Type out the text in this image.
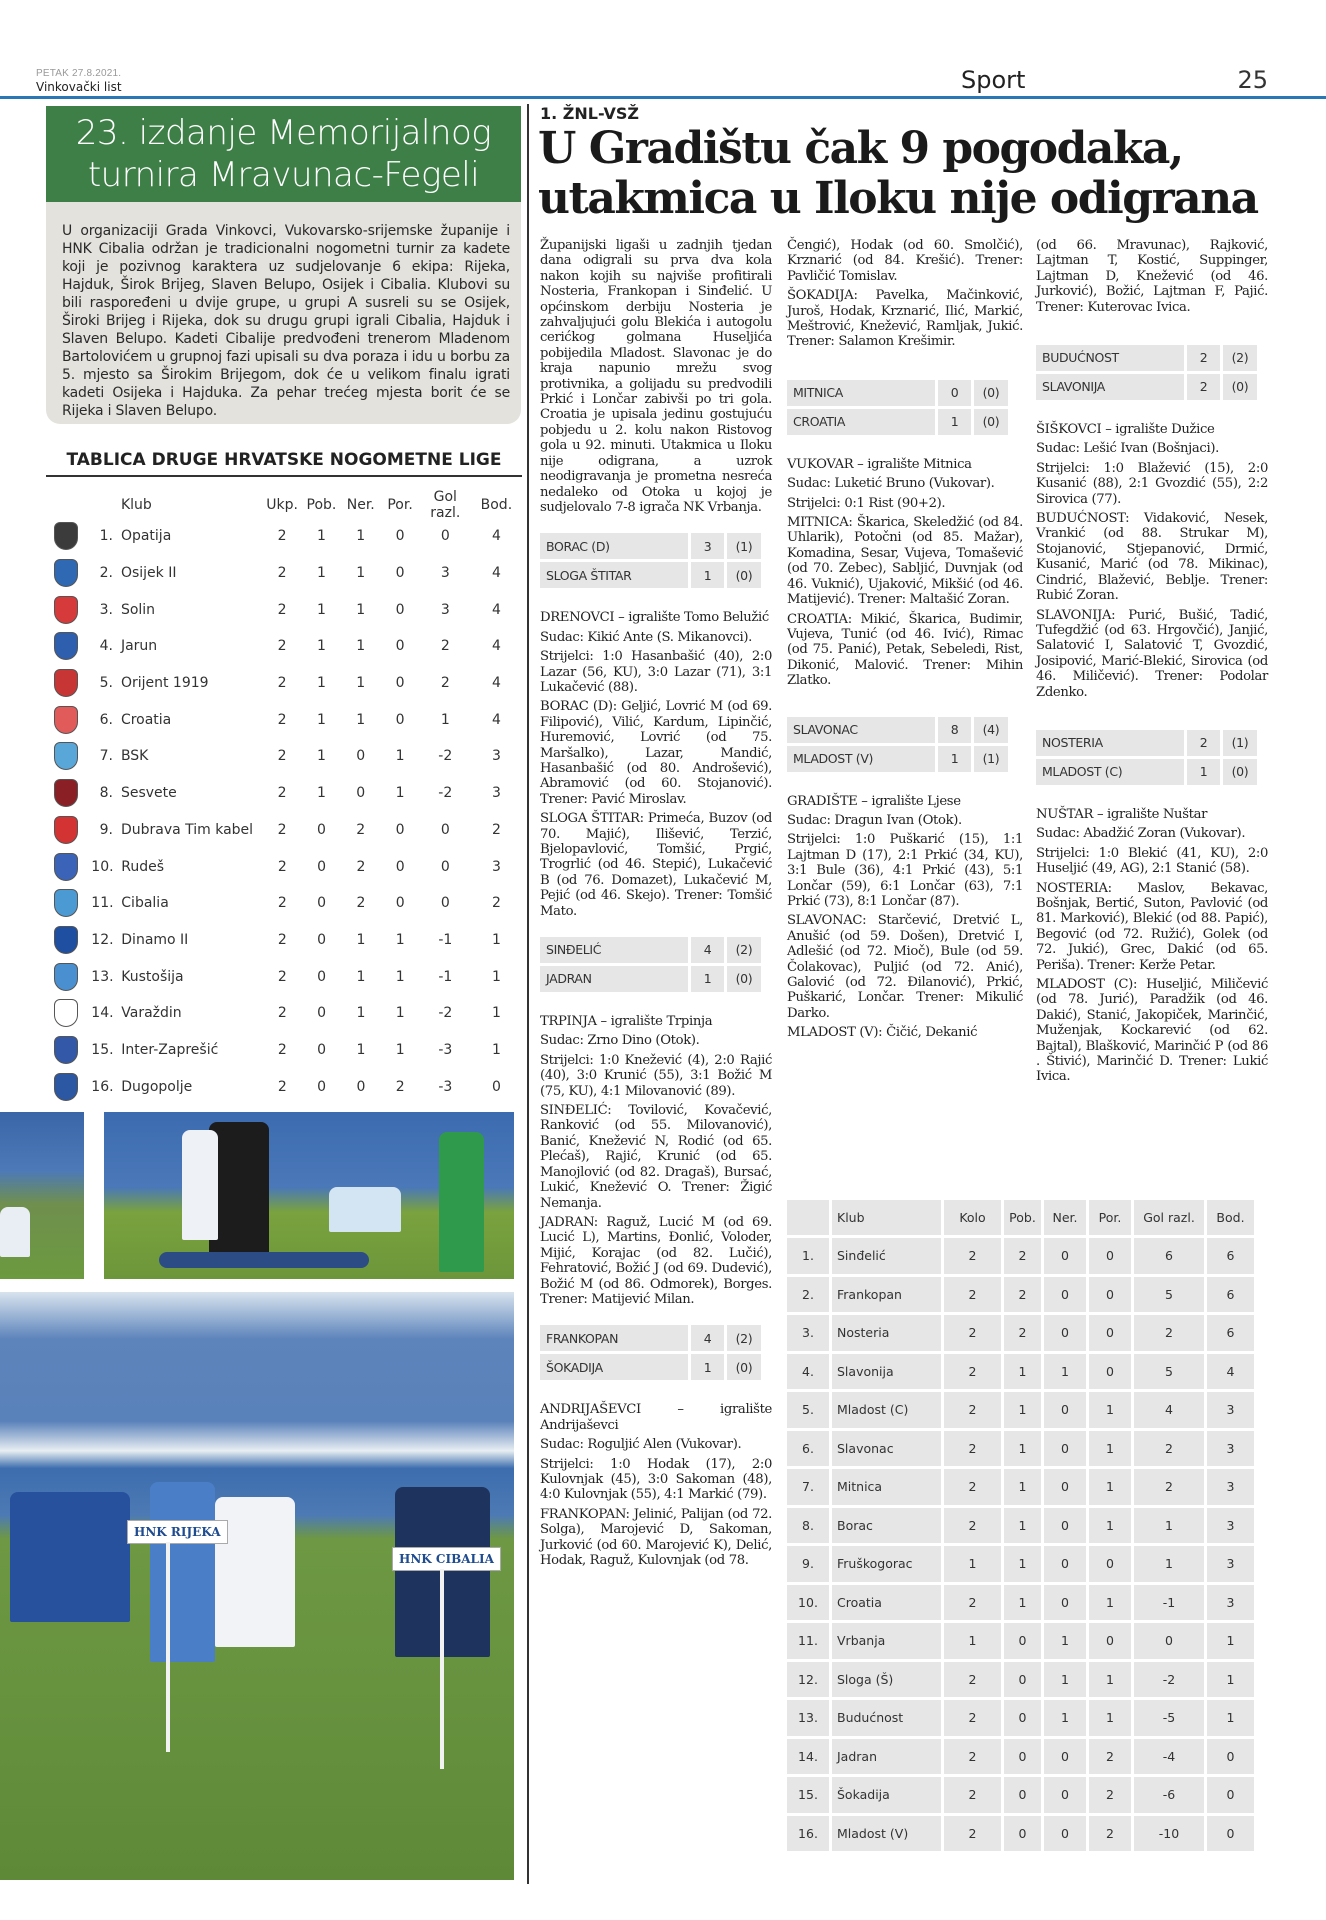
PETAK 27.8.2021.
Vinkovački list	Sport	25
23. izdanje Memorijalnog
turnira Mravunac-Fegeli
U organizaciji Grada Vinkovci, Vukovarsko-srijemske županije i HNK Cibalia održan je tradicionalni nogometni turnir za kadete koji je pozivnog karaktera uz sudjelovanje 6 ekipa: Rijeka, Hajduk, Širok Brijeg, Slaven Belupo, Osijek i Cibalia. Klubovi su bili raspoređeni u dvije grupe, u grupi A susreli su se Osijek, Široki Brijeg i Rijeka, dok su drugu grupi igrali Cibalia, Hajduk i Slaven Belupo. Kadeti Cibalije predvođeni trenerom Mladenom Bartolovićem u grupnoj fazi upisali su dva poraza i idu u borbu za 5. mjesto sa Širokim Brijegom, dok će u velikom finalu igrati kadeti Osijeka i Hajduka. Za pehar trećeg mjesta borit će se Rijeka i Slaven Belupo.
TABLICA DRUGE HRVATSKE NOGOMETNE LIGE
Klub	Ukp. Pob. Ner. Por.	Gol razl.	Bod.
1. Opatija	2	1	1	0	0	4
2. Osijek II	2	1	1	0	3	4
3. Solin	2	1	1	0	3	4
4. Jarun	2	1	1	0	2	4
5. Orijent 1919	2	1	1	0	2	4
6. Croatia	2	1	1	0	1	4
7. BSK	2	1	0	1	-2	3
8. Sesvete	2	1	0	1	-2	3
9. Dubrava Tim kabel	2	0	2	0	0	2
10. Rudeš	2	0	2	0	0	3
11. Cibalia	2	0	2	0	0	2
12. Dinamo II	2	0	1	1	-1	1
13. Kustošija	2	0	1	1	-1	1
14. Varaždin	2	0	1	1	-2	1
15. Inter-Zaprešić	2	0	1	1	-3	1
16. Dugopolje	2	0	0	2	-3	0
HNK RIJEKA
HNK CIBALIA
1. ŽNL-VSŽ
U Gradištu čak 9 pogodaka,
utakmica u Iloku nije odigrana

Županijski ligaši u zadnjih tjedan dana odigrali su prva dva kola nakon kojih su najviše profitirali Nosteria, Frankopan i Sinđelić. U općinskom derbiju Nosteria je zahvaljujući golu Blekića i autogolu cerićkog golmana Huseljića pobijedila Mladost. Slavonac je do kraja napunio mrežu svog protivnika, a golijadu su predvodili Prkić i Lončar zabivši po tri gola. Croatia je upisala jedinu gostujuću pobjedu u 2. kolu nakon Ristovog gola u 92. minuti. Utakmica u Iloku nije odigrana, a uzrok neodigravanja je prometna nesreća nedaleko od Otoka u kojoj je sudjelovalo 7-8 igrača NK Vrbanja.

BORAC (D)	3	(1)
SLOGA ŠTITAR	1	(0)

DRENOVCI – igralište Tomo Belužić

Sudac: Kikić Ante (S. Mikanovci).

Strijelci: 1:0 Hasanbašić (40), 2:0 Lazar (56, KU), 3:0 Lazar (71), 3:1 Lukačević (88).

BORAC (D): Geljić, Lovrić M (od 69. Filipović), Vilić, Kardum, Lipinčić, Huremović, Lovrić (od 75. Maršalko), Lazar, Mandić, Hasanbašić (od 80. Androšević), Abramović (od 60. Stojanović). Trener: Pavić Miroslav.

SLOGA ŠTITAR: Primeća, Buzov (od 70. Majić), Ilišević, Terzić, Bjelopavlović, Tomšić, Prgić, Trogrlić (od 46. Stepić), Lukačević B (od 76. Domazet), Lukačević M, Pejić (od 46. Skejo). Trener: Tomšić Mato.

SINĐELIĆ	4	(2)
JADRAN	1	(0)

TRPINJA – igralište Trpinja

Sudac: Zrno Dino (Otok).

Strijelci: 1:0 Knežević (4), 2:0 Rajić (40), 3:0 Krunić (55), 3:1 Božić M (75, KU), 4:1 Milovanović (89).

SINĐELIĆ: Tovilović, Kovačević, Ranković (od 55. Milovanović), Banić, Knežević N, Rodić (od 65. Plećaš), Rajić, Krunić (od 65. Manojlović (od 82. Dragaš), Bursać, Lukić, Knežević O. Trener: Žigić Nemanja.

JADRAN: Raguž, Lucić M (od 69. Lucić L), Martins, Đonlić, Voloder, Mijić, Korajac (od 82. Lučić), Fehratović, Božić J (od 69. Dudević), Božić M (od 86. Odmorek), Borges. Trener: Matijević Milan.

FRANKOPAN	4	(2)
ŠOKADIJA	1	(0)

ANDRIJAŠEVCI – igralište Andrijaševci

Sudac: Roguljić Alen (Vukovar).

Strijelci: 1:0 Hodak (17), 2:0 Kulovnjak (45), 3:0 Sakoman (48), 4:0 Kulovnjak (55), 4:1 Markić (79).

FRANKOPAN: Jelinić, Palijan (od 72. Solga), Marojević D, Sakoman, Jurković (od 60. Marojević K), Delić, Hodak, Raguž, Kulovnjak (od 78.

Čengić), Hodak (od 60. Smolčić), Krznarić (od 84. Krešić). Trener: Pavličić Tomislav.

ŠOKADIJA: Pavelka, Mačinković, Juroš, Hodak, Krznarić, Ilić, Markić, Meštrović, Knežević, Ramljak, Jukić. Trener: Salamon Krešimir.

MITNICA	0	(0)
CROATIA	1	(0)

VUKOVAR – igralište Mitnica

Sudac: Luketić Bruno (Vukovar).

Strijelci: 0:1 Rist (90+2).

MITNICA: Škarica, Skeledžić (od 84. Uhlarik), Potočni (od 85. Mažar), Komadina, Sesar, Vujeva, Tomašević (od 70. Zebec), Sabljić, Duvnjak (od 46. Vuknić), Ujaković, Mikšić (od 46. Matijević). Trener: Maltašić Zoran.

CROATIA: Mikić, Škarica, Budimir, Vujeva, Tunić (od 46. Ivić), Rimac (od 75. Panić), Petak, Sebeledi, Rist, Dikonić, Malović. Trener: Mihin Zlatko.

SLAVONAC	8	(4)
MLADOST (V)	1	(1)

GRADIŠTE – igralište Ljese

Sudac: Dragun Ivan (Otok).

Strijelci: 1:0 Puškarić (15), 1:1 Lajtman D (17), 2:1 Prkić (34, KU), 3:1 Bule (36), 4:1 Prkić (43), 5:1 Lončar (59), 6:1 Lončar (63), 7:1 Prkić (73), 8:1 Lončar (87).

SLAVONAC: Starčević, Dretvić L, Anušić (od 59. Došen), Dretvić I, Adlešić (od 72. Mioč), Bule (od 59. Čolakovac), Puljić (od 72. Anić), Galović (od 72. Đilanović), Prkić, Puškarić, Lončar. Trener: Mikulić Darko.

MLADOST (V): Čičić, Dekanić

(od 66. Mravunac), Rajković, Lajtman T, Kostić, Suppinger, Lajtman D, Knežević (od 46. Jurković), Božić, Lajtman F, Pajić. Trener: Kuterovac Ivica.

BUDUĆNOST	2	(2)
SLAVONIJA	2	(0)

ŠIŠKOVCI – igralište Dužice

Sudac: Lešić Ivan (Bošnjaci).

Strijelci: 1:0 Blažević (15), 2:0 Kusanić (88), 2:1 Gvozdić (55), 2:2 Sirovica (77).

BUDUĆNOST: Vidaković, Nesek, Vrankić (od 88. Strukar M), Stojanović, Stjepanović, Drmić, Kusanić, Marić (od 78. Mikinac), Cindrić, Blažević, Beblje. Trener: Rubić Zoran.

SLAVONIJA: Purić, Bušić, Tadić, Tufegdžić (od 63. Hrgovčić), Janjić, Salatović I, Salatović T, Gvozdić, Josipović, Marić-Blekić, Sirovica (od 46. Miličević). Trener: Podolar Zdenko.

NOSTERIA	2	(1)
MLADOST (C)	1	(0)

NUŠTAR – igralište Nuštar

Sudac: Abadžić Zoran (Vukovar).

Strijelci: 1:0 Blekić (41, KU), 2:0 Huseljić (49, AG), 2:1 Stanić (58).

NOSTERIA: Maslov, Bekavac, Bošnjak, Bertić, Suton, Pavlović (od 81. Marković), Blekić (od 88. Papić), Begović (od 72. Ružić), Golek (od 72. Jukić), Grec, Dakić (od 65. Periša). Trener: Kerže Petar.

MLADOST (C): Huseljić, Miličević (od 78. Jurić), Paradžik (od 46. Dakić), Stanić, Jakopiček, Marinčić, Muženjak, Kockarević (od 62. Bajtal), Blašković, Marinčić P (od 86 . Štivić), Marinčić D. Trener: Lukić Ivica.

Klub	Kolo	Pob.	Ner.	Por.	Gol razl.	Bod.
1.	Sinđelić	2	2	0	0	6	6
2.	Frankopan	2	2	0	0	5	6
3.	Nosteria	2	2	0	0	2	6
4.	Slavonija	2	1	1	0	5	4
5.	Mladost (C)	2	1	0	1	4	3
6.	Slavonac	2	1	0	1	2	3
7.	Mitnica	2	1	0	1	2	3
8.	Borac	2	1	0	1	1	3
9.	Fruškogorac	1	1	0	0	1	3
10.	Croatia	2	1	0	1	-1	3
11.	Vrbanja	1	0	1	0	0	1
12.	Sloga (Š)	2	0	1	1	-2	1
13.	Budućnost	2	0	1	1	-5	1
14.	Jadran	2	0	0	2	-4	0
15.	Šokadija	2	0	0	2	-6	0
16.	Mladost (V)	2	0	0	2	-10	0
